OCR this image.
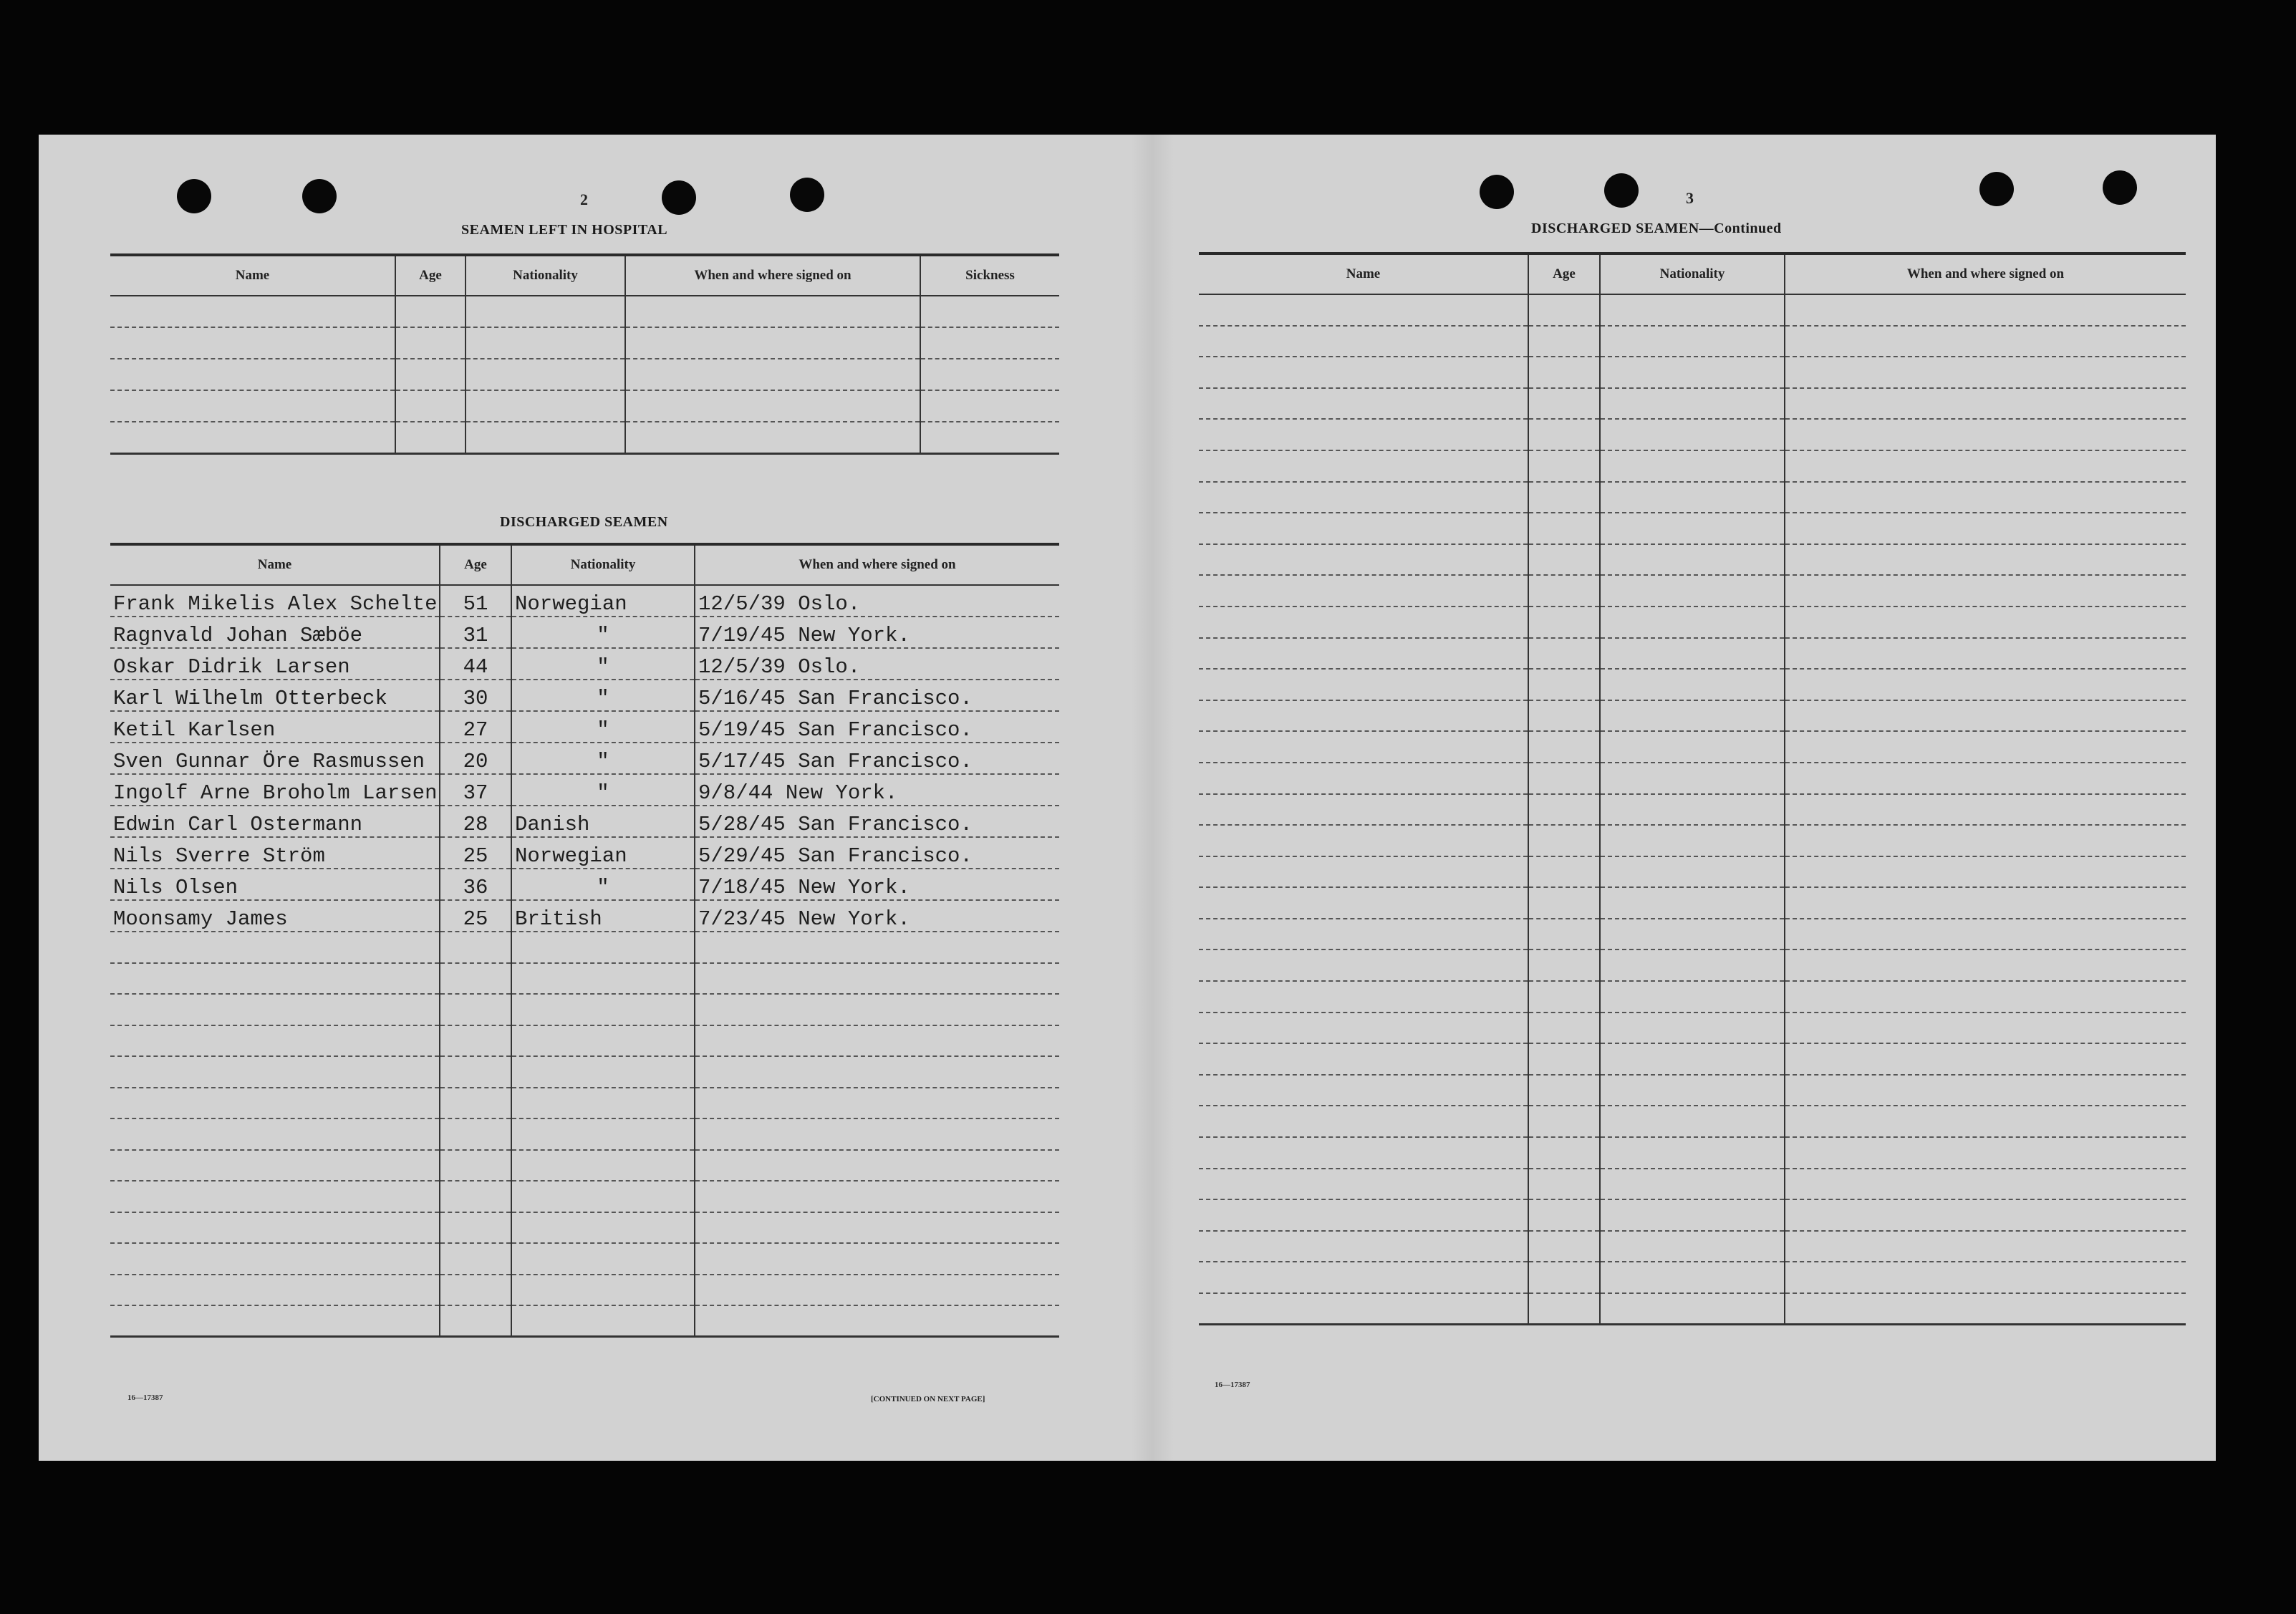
2
SEAMEN LEFT IN HOSPITAL
Name	Age	Nationality	When and where signed on	Sickness

DISCHARGED SEAMEN
Name	Age	Nationality	When and where signed on
Frank Mikelis Alex Schelte	51	Norwegian	12/5/39 Oslo.
Ragnvald Johan Sæböe	31	"	7/19/45 New York.
Oskar Didrik Larsen	44	"	12/5/39 Oslo.
Karl Wilhelm Otterbeck	30	"	5/16/45 San Francisco.
Ketil Karlsen	27	"	5/19/45 San Francisco.
Sven Gunnar Öre Rasmussen	20	"	5/17/45 San Francisco.
Ingolf Arne Broholm Larsen	37	"	9/8/44 New York.
Edwin Carl Ostermann	28	Danish	5/28/45 San Francisco.
Nils Sverre Ström	25	Norwegian	5/29/45 San Francisco.
Nils Olsen	36	"	7/18/45 New York.
Moonsamy James	25	British	7/23/45 New York.

16—17387	[CONTINUED ON NEXT PAGE]
3
DISCHARGED SEAMEN—Continued
Name	Age	Nationality	When and where signed on

16—17387
